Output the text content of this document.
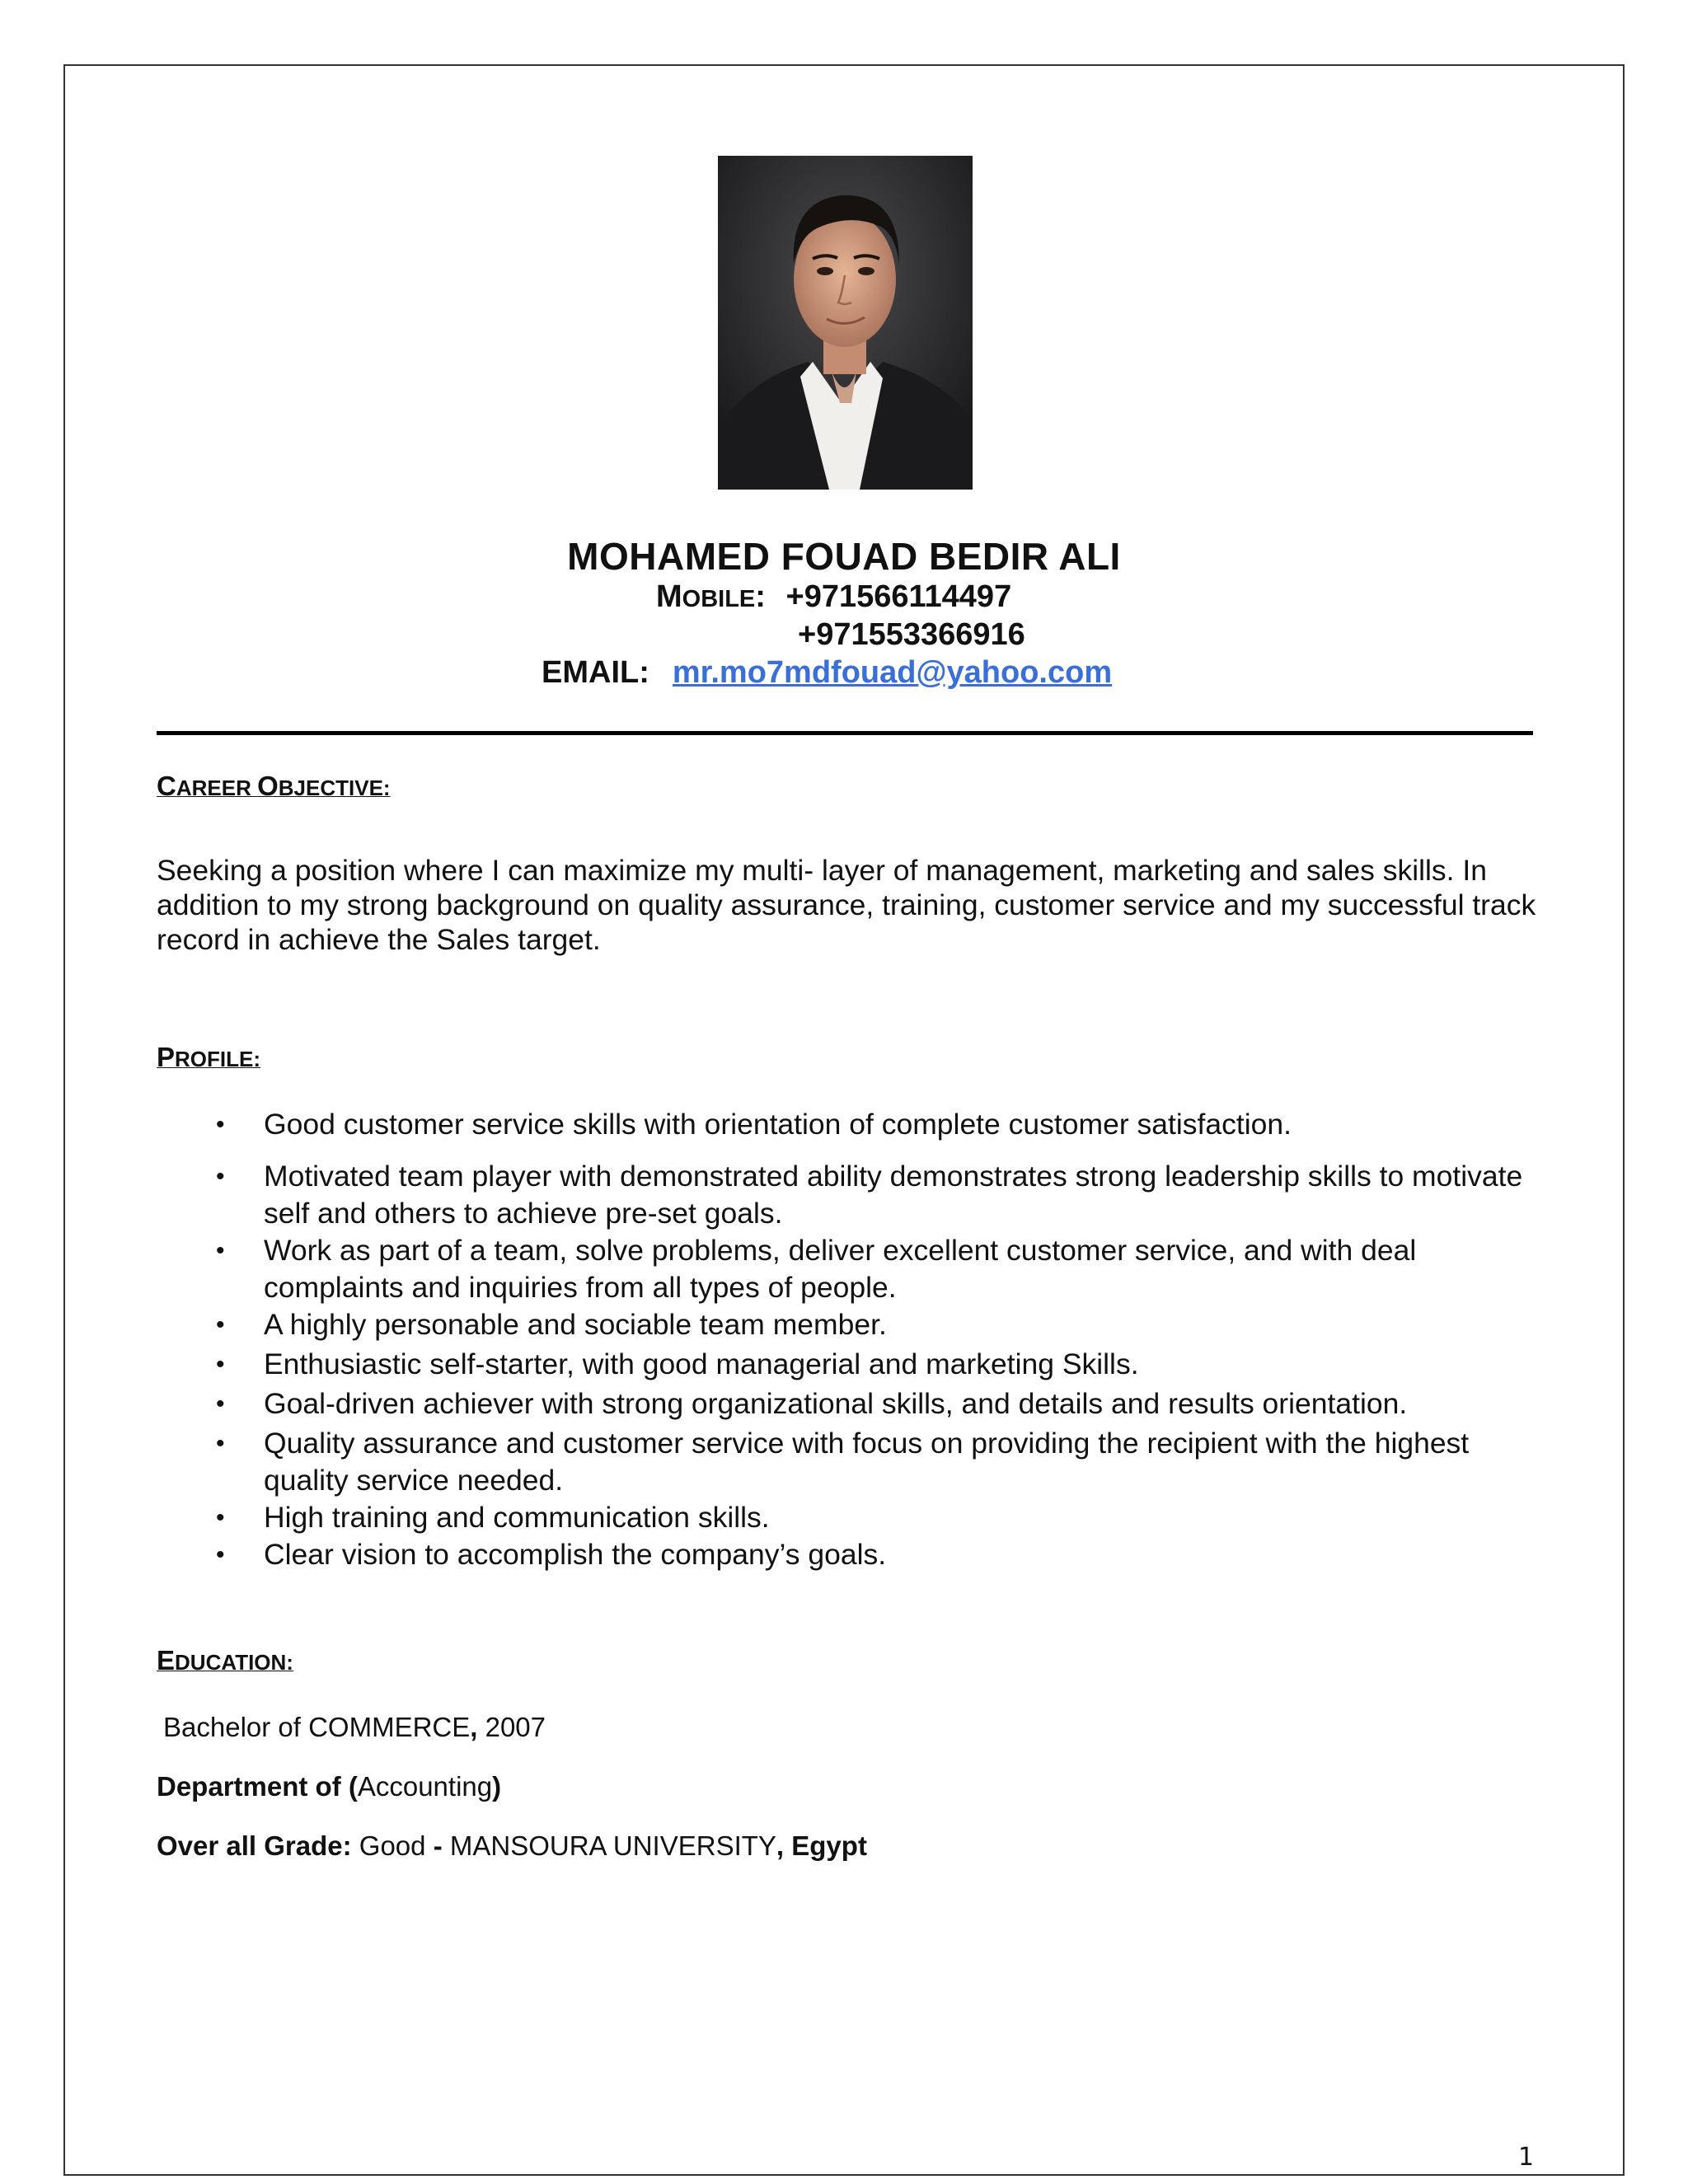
MOHAMED FOUAD BEDIR ALI
MOBILE: +971566114497
+971553366916
EMAIL: mr.mo7mdfouad@yahoo.com
CAREER OBJECTIVE:
Seeking a position where I can maximize my multi- layer of management, marketing and sales skills. In addition to my strong background on quality assurance, training, customer service and my successful track record in achieve the Sales target.
PROFILE:
• Good customer service skills with orientation of complete customer satisfaction.
• Motivated team player with demonstrated ability demonstrates strong leadership skills to motivate self and others to achieve pre-set goals.
• Work as part of a team, solve problems, deliver excellent customer service, and with deal complaints and inquiries from all types of people.
• A highly personable and sociable team member.
• Enthusiastic self-starter, with good managerial and marketing Skills.
• Goal-driven achiever with strong organizational skills, and details and results orientation.
• Quality assurance and customer service with focus on providing the recipient with the highest quality service needed.
• High training and communication skills.
• Clear vision to accomplish the company’s goals.
EDUCATION:
Bachelor of COMMERCE, 2007
Department of (Accounting)
Over all Grade: Good - MANSOURA UNIVERSITY, Egypt
1
